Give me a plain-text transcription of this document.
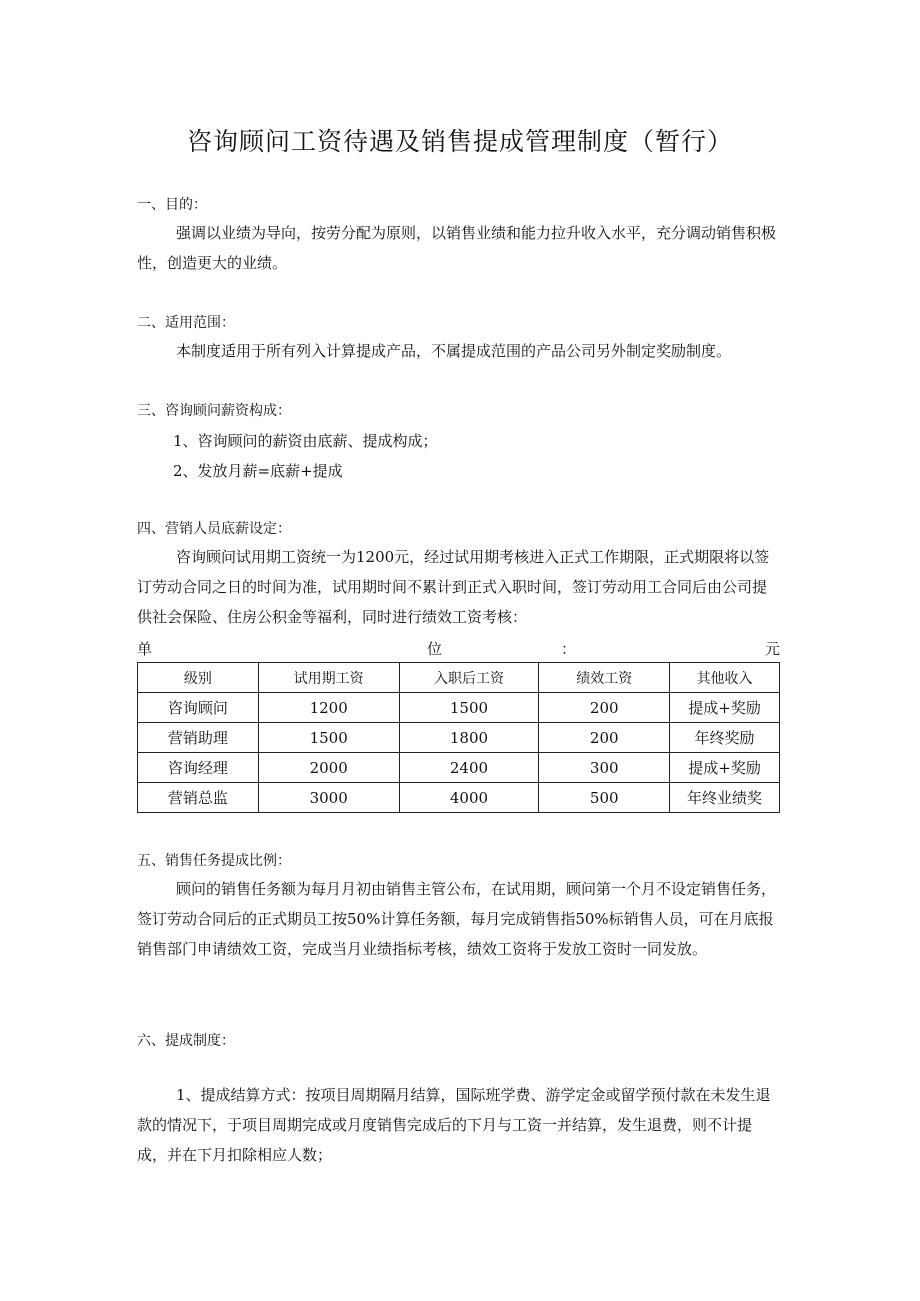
咨询顾问工资待遇及销售提成管理制度（暂行）

一、目的：

强调以业绩为导向，按劳分配为原则，以销售业绩和能力拉升收入水平，充分调动销售积极性，创造更大的业绩。

二、适用范围：

本制度适用于所有列入计算提成产品，不属提成范围的产品公司另外制定奖励制度。

三、咨询顾问薪资构成：

1、咨询顾问的薪资由底薪、提成构成；

2、发放月薪=底薪+提成

四、营销人员底薪设定：

咨询顾问试用期工资统一为1200元，经过试用期考核进入正式工作期限，正式期限将以签订劳动合同之日的时间为准，试用期时间不累计到正式入职时间，签订劳动用工合同后由公司提供社会保险、住房公积金等福利，同时进行绩效工资考核：

单	位	：	元
级别	试用期工资	入职后工资	绩效工资	其他收入
咨询顾问	1200	1500	200	提成+奖励
营销助理	1500	1800	200	年终奖励
咨询经理	2000	2400	300	提成+奖励
营销总监	3000	4000	500	年终业绩奖

五、销售任务提成比例：

顾问的销售任务额为每月月初由销售主管公布，在试用期，顾问第一个月不设定销售任务，签订劳动合同后的正式期员工按50%计算任务额，每月完成销售指50%标销售人员，可在月底报销售部门申请绩效工资，完成当月业绩指标考核，绩效工资将于发放工资时一同发放。

六、提成制度：

1、提成结算方式：按项目周期隔月结算，国际班学费、游学定金或留学预付款在未发生退款的情况下，于项目周期完成或月度销售完成后的下月与工资一并结算，发生退费，则不计提成，并在下月扣除相应人数；
